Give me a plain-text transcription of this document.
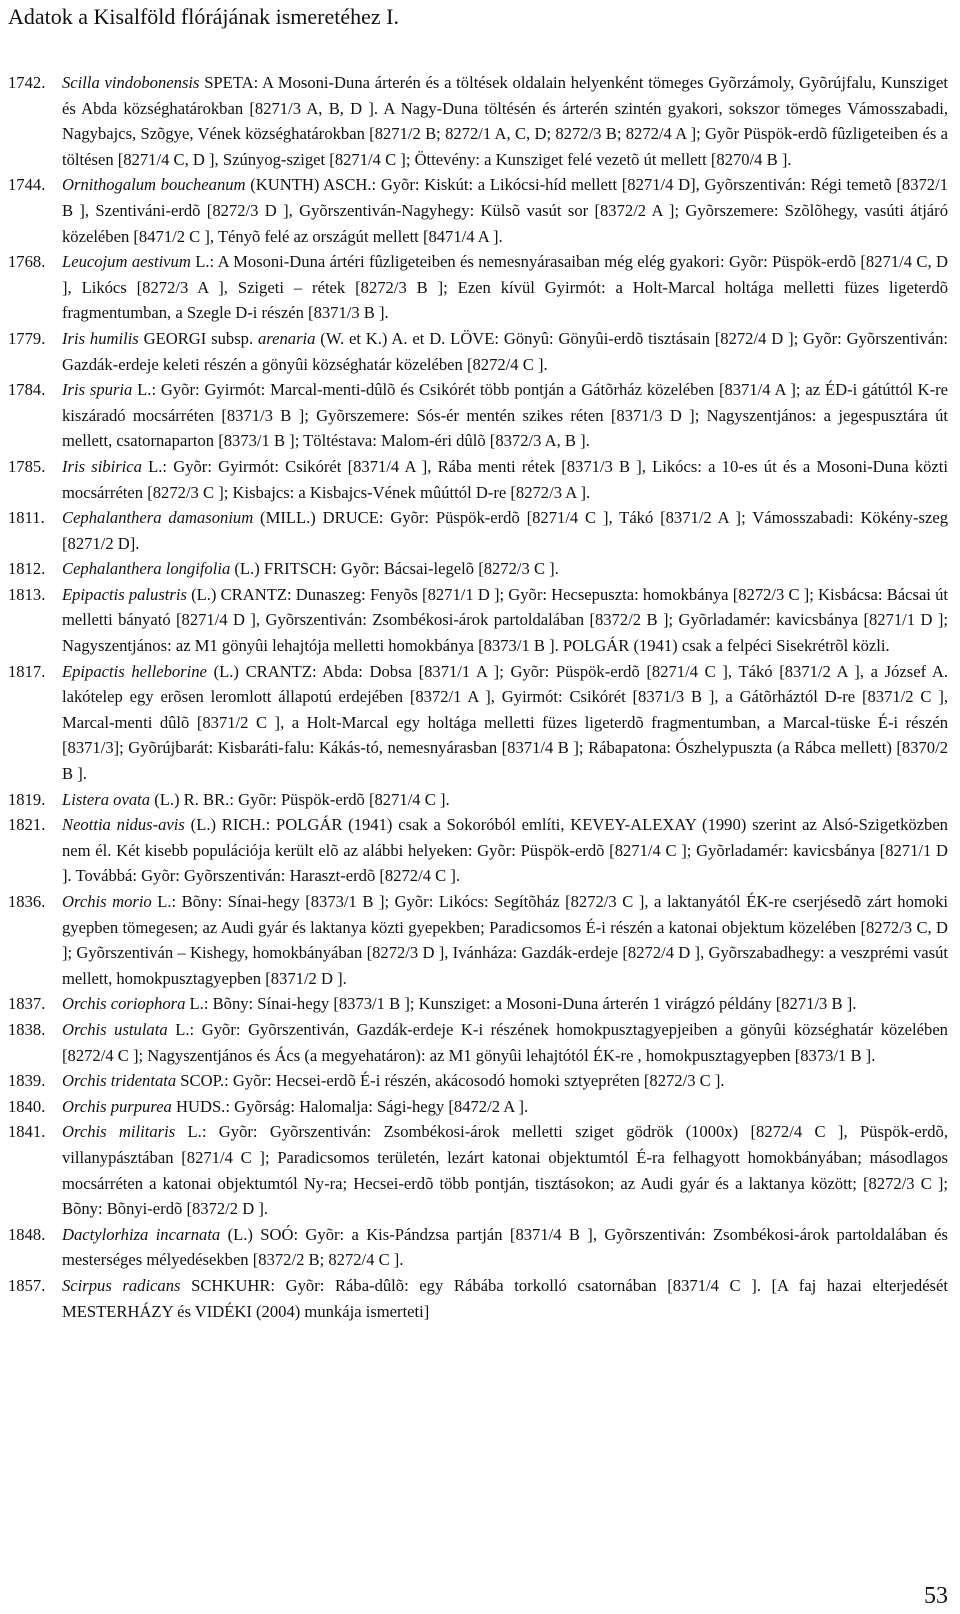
Adatok a Kisalföld flórájának ismeretéhez I.
1742.	Scilla vindobonensis SPETA: A Mosoni-Duna árterén és a töltések oldalain helyenként tömeges Gyõrzámoly, Gyõrújfalu, Kunsziget és Abda községhatárokban [8271/3 A, B, D ]. A Nagy-Duna töltésén és árterén szintén gyakori, sokszor tömeges Vámosszabadi, Nagybajcs, Szõgye, Vének községhatárokban [8271/2 B; 8272/1 A, C, D; 8272/3 B; 8272/4 A ]; Gyõr Püspök-erdõ fûzligeteiben és a töltésen [8271/4 C, D ], Szúnyog-sziget [8271/4 C ]; Öttevény: a Kunsziget felé vezetõ út mellett [8270/4 B ].
1744.	Ornithogalum boucheanum (KUNTH) ASCH.: Gyõr: Kiskút: a Likócsi-híd mellett [8271/4 D], Gyõrszentiván: Régi temetõ [8372/1 B ], Szentiváni-erdõ [8272/3 D ], Gyõrszentiván-Nagyhegy: Külsõ vasút sor [8372/2 A ]; Gyõrszemere: Szõlõhegy, vasúti átjáró közelében [8471/2 C ], Tényõ felé az országút mellett [8471/4 A ].
1768.	Leucojum aestivum L.: A Mosoni-Duna ártéri fûzligeteiben és nemesnyárasaiban még elég gyakori: Gyõr: Püspök-erdõ [8271/4 C, D ], Likócs [8272/3 A ], Szigeti – rétek [8272/3 B ]; Ezen kívül Gyirmót: a Holt-Marcal holtága melletti füzes ligeterdõ fragmentumban, a Szegle D-i részén [8371/3 B ].
1779.	Iris humilis GEORGI subsp. arenaria (W. et K.) A. et D. LÖVE: Gönyû: Gönyûi-erdõ tisztásain [8272/4 D ]; Gyõr: Gyõrszentiván: Gazdák-erdeje keleti részén a gönyûi községhatár közelében [8272/4 C ].
1784.	Iris spuria L.: Gyõr: Gyirmót: Marcal-menti-dûlõ és Csikórét több pontján a Gátõrház közelében [8371/4 A ]; az ÉD-i gátúttól K-re kiszáradó mocsárréten [8371/3 B ]; Gyõrszemere: Sós-ér mentén szikes réten [8371/3 D ]; Nagyszentjános: a jegespusztára út mellett, csatornaparton [8373/1 B ]; Töltéstava: Malom-éri dûlõ [8372/3 A, B ].
1785.	Iris sibirica L.: Gyõr: Gyirmót: Csikórét [8371/4 A ], Rába menti rétek [8371/3 B ], Likócs: a 10-es út és a Mosoni-Duna közti mocsárréten [8272/3 C ]; Kisbajcs: a Kisbajcs-Vének mûúttól D-re [8272/3 A ].
1811.	Cephalanthera damasonium (MILL.) DRUCE: Gyõr: Püspök-erdõ [8271/4 C ], Tákó [8371/2 A ]; Vámosszabadi: Kökény-szeg [8271/2 D].
1812.	Cephalanthera longifolia (L.) FRITSCH: Gyõr: Bácsai-legelõ [8272/3 C ].
1813.	Epipactis palustris (L.) CRANTZ: Dunaszeg: Fenyõs [8271/1 D ]; Gyõr: Hecsepuszta: homokbánya [8272/3 C ]; Kisbácsa: Bácsai út melletti bányató [8271/4 D ], Gyõrszentiván: Zsombékosi-árok partoldalában [8372/2 B ]; Gyõrladamér: kavicsbánya [8271/1 D ]; Nagyszentjános: az M1 gönyûi lehajtója melletti homokbánya [8373/1 B ]. POLGÁR (1941) csak a felpéci Sisekrétrõl közli.
1817.	Epipactis helleborine (L.) CRANTZ: Abda: Dobsa [8371/1 A ]; Gyõr: Püspök-erdõ [8271/4 C ], Tákó [8371/2 A ], a József A. lakótelep egy erõsen leromlott állapotú erdejében [8372/1 A ], Gyirmót: Csikórét [8371/3 B ], a Gátõrháztól D-re [8371/2 C ], Marcal-menti dûlõ [8371/2 C ], a Holt-Marcal egy holtága melletti füzes ligeterdõ fragmentumban, a Marcal-tüske É-i részén [8371/3]; Gyõrújbarát: Kisbaráti-falu: Kákás-tó, nemesnyárasban [8371/4 B ]; Rábapatona: Ószhelypuszta (a Rábca mellett) [8370/2 B ].
1819.	Listera ovata (L.) R. BR.: Gyõr: Püspök-erdõ [8271/4 C ].
1821.	Neottia nidus-avis (L.) RICH.: POLGÁR (1941) csak a Sokoróból említi, KEVEY-ALEXAY (1990) szerint az Alsó-Szigetközben nem él. Két kisebb populációja került elõ az alábbi helyeken: Gyõr: Püspök-erdõ [8271/4 C ]; Gyõrladamér: kavicsbánya [8271/1 D ]. Továbbá: Gyõr: Gyõrszentiván: Haraszt-erdõ [8272/4 C ].
1836.	Orchis morio L.: Bõny: Sínai-hegy [8373/1 B ]; Gyõr: Likócs: Segítõház [8272/3 C ], a laktanyától ÉK-re cserjésedõ zárt homoki gyepben tömegesen; az Audi gyár és laktanya közti gyepekben; Paradicsomos É-i részén a katonai objektum közelében [8272/3 C, D ]; Gyõrszentiván – Kishegy, homokbányában [8272/3 D ], Ivánháza: Gazdák-erdeje [8272/4 D ], Gyõrszabadhegy: a veszprémi vasút mellett, homokpusztagyepben [8371/2 D ].
1837.	Orchis coriophora L.: Bõny: Sínai-hegy [8373/1 B ]; Kunsziget: a Mosoni-Duna árterén 1 virágzó példány [8271/3 B ].
1838.	Orchis ustulata L.: Gyõr: Gyõrszentiván, Gazdák-erdeje K-i részének homokpusztagyepjeiben a gönyûi községhatár közelében [8272/4 C ]; Nagyszentjános és Ács (a megyehatáron): az M1 gönyûi lehajtótól ÉK-re , homokpusztagyepben [8373/1 B ].
1839.	Orchis tridentata SCOP.: Gyõr: Hecsei-erdõ É-i részén, akácosodó homoki sztyepréten [8272/3 C ].
1840.	Orchis purpurea HUDS.: Gyõrság: Halomalja: Sági-hegy [8472/2 A ].
1841.	Orchis militaris L.: Gyõr: Gyõrszentiván: Zsombékosi-árok melletti sziget gödrök (1000x) [8272/4 C ], Püspök-erdõ, villanypásztában [8271/4 C ]; Paradicsomos területén, lezárt katonai objektumtól É-ra felhagyott homokbányában; másodlagos mocsárréten a katonai objektumtól Ny-ra; Hecsei-erdõ több pontján, tisztásokon; az Audi gyár és a laktanya között; [8272/3 C ]; Bõny: Bõnyi-erdõ [8372/2 D ].
1848.	Dactylorhiza incarnata (L.) SOÓ: Gyõr: a Kis-Pándzsa partján [8371/4 B ], Gyõrszentiván: Zsombékosi-árok partoldalában és mesterséges mélyedésekben [8372/2 B; 8272/4 C ].
1857.	Scirpus radicans SCHKUHR: Gyõr: Rába-dûlõ: egy Rábába torkolló csatornában [8371/4 C ]. [A faj hazai elterjedését MESTERHÁZY és VIDÉKI (2004) munkája ismerteti]
53
